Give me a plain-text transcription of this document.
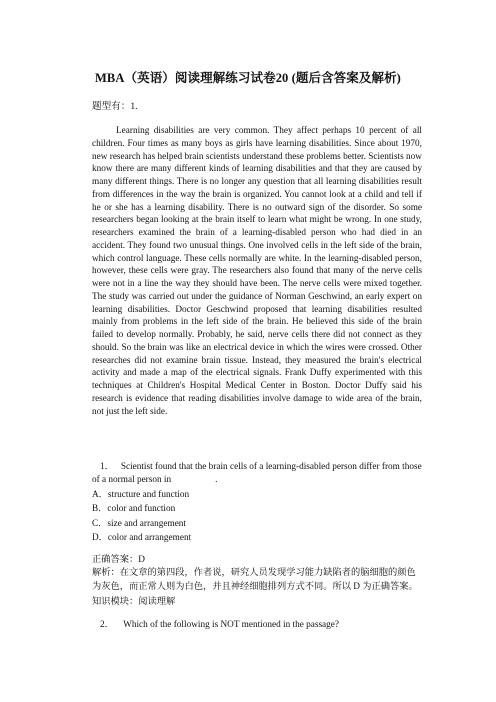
MBA（英语）阅读理解练习试卷20 (题后含答案及解析)
题型有：1.

Learning disabilities are very common. They affect perhaps 10 percent of all children. Four times as many boys as girls have learning disabilities. Since about 1970, new research has helped brain scientists understand these problems better. Scientists now know there are many different kinds of learning disabilities and that they are caused by many different things. There is no longer any question that all learning disabilities result from differences in the way the brain is organized. You cannot look at a child and tell if he or she has a learning disability. There is no outward sign of the disorder. So some researchers began looking at the brain itself to learn what might be wrong. In one study, researchers examined the brain of a learning-disabled person who had died in an accident. They found two unusual things. One involved cells in the left side of the brain, which control language. These cells normally are white. In the learning-disabled person, however, these cells were gray. The researchers also found that many of the nerve cells were not in a line the way they should have been. The nerve cells were mixed together. The study was carried out under the guidance of Norman Geschwind, an early expert on learning disabilities. Doctor Geschwind proposed that learning disabilities resulted mainly from problems in the left side of the brain. He believed this side of the brain failed to develop normally. Probably, he said, nerve cells there did not connect as they should. So the brain was like an electrical device in which the wires were crossed. Other researches did not examine brain tissue. Instead, they measured the brain's electrical activity and made a map of the electrical signals. Frank Duffy experimented with this techniques at Children's Hospital Medical Center in Boston. Doctor Duffy said his research is evidence that reading disabilities involve damage to wide area of the brain, not just the left side.

1． Scientist found that the brain cells of a learning-disabled person differ from those of a normal person in	.

A．structure and function
B．color and function
C．size and arrangement
D．color and arrangement
正确答案：D

解析：在文章的第四段，作者说，研究人员发现学习能力缺陷者的脑细胞的颜色为灰色，而正常人则为白色，并且神经细胞排列方式不同。所以 D 为正确答案。 知识模块：阅读理解

2． Which of the following is NOT mentioned in the passage?
